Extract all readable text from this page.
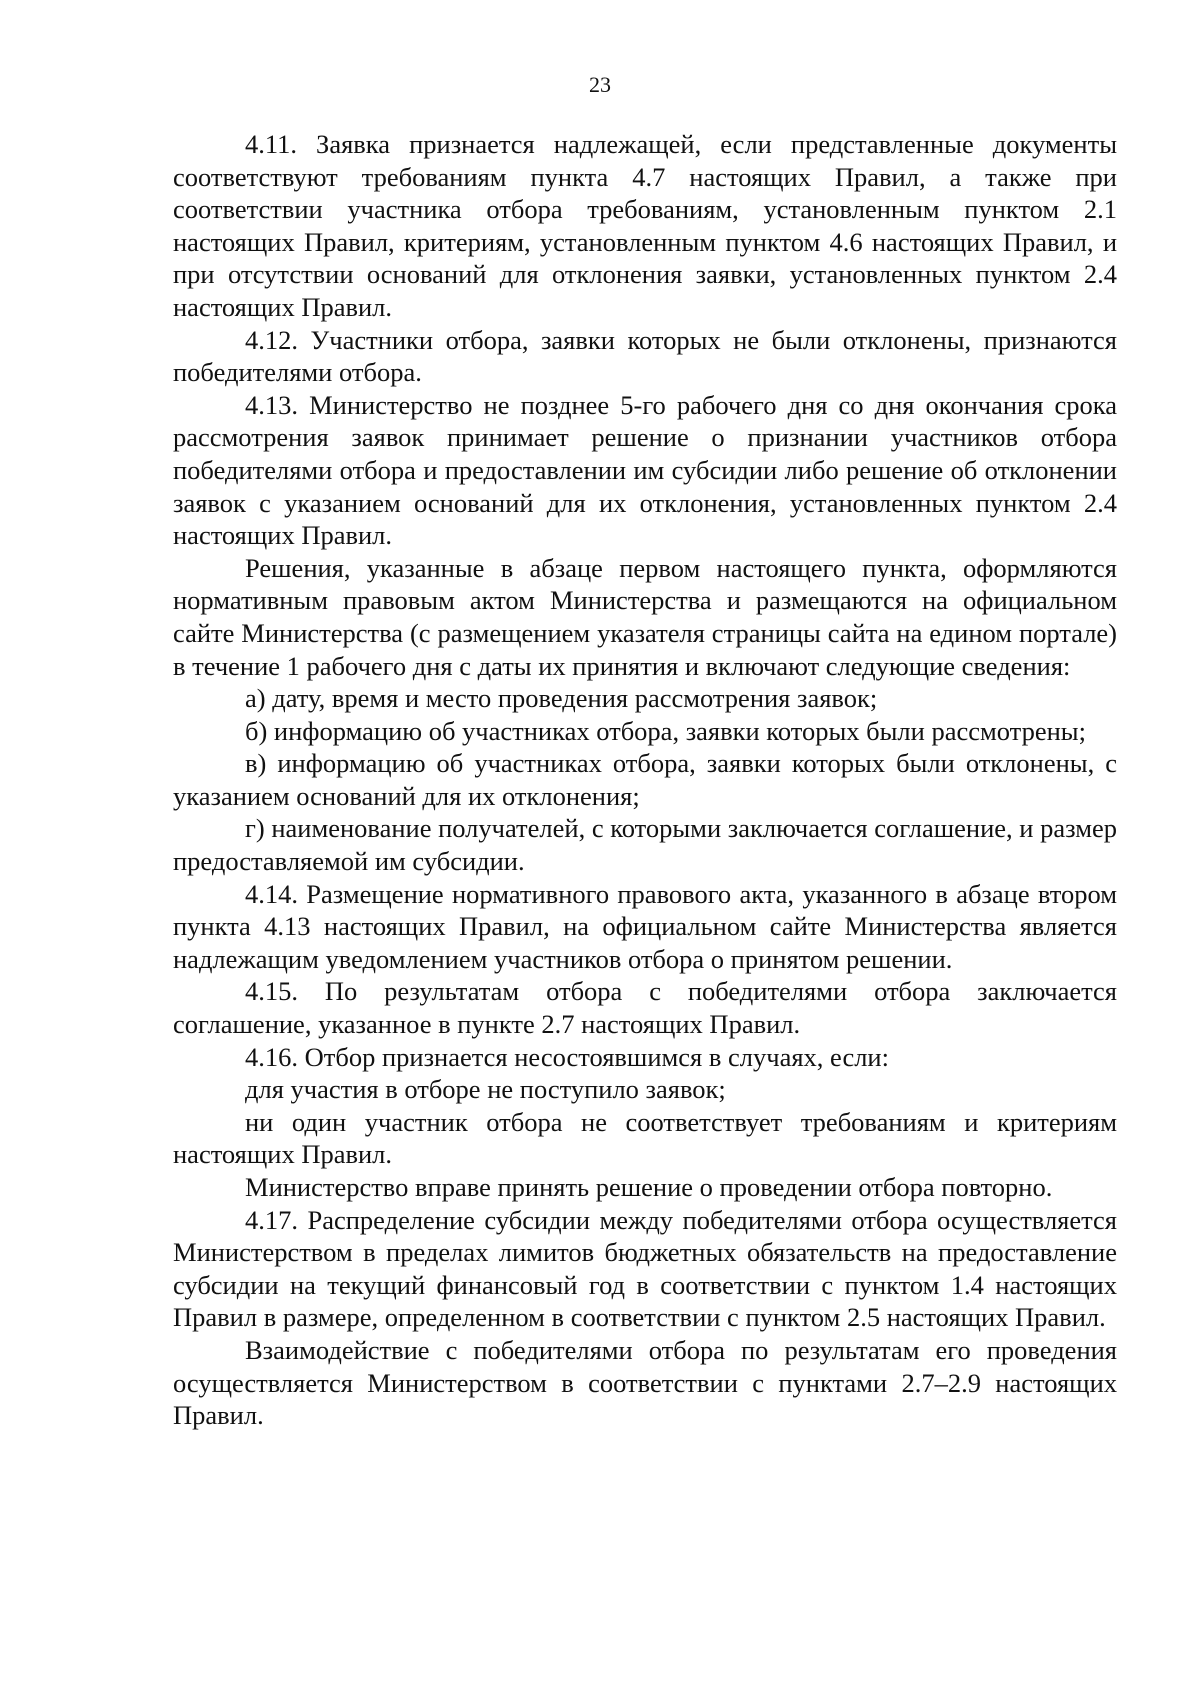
23

4.11. Заявка признается надлежащей, если представленные документы соответствуют требованиям пункта 4.7 настоящих Правил, а также при соответствии участника отбора требованиям, установленным пунктом 2.1 настоящих Правил, критериям, установленным пунктом 4.6 настоящих Правил, и при отсутствии оснований для отклонения заявки, установленных пунктом 2.4 настоящих Правил.

4.12. Участники отбора, заявки которых не были отклонены, признаются победителями отбора.

4.13. Министерство не позднее 5-го рабочего дня со дня окончания срока рассмотрения заявок принимает решение о признании участников отбора победителями отбора и предоставлении им субсидии либо решение об отклонении заявок с указанием оснований для их отклонения, установленных пунктом 2.4 настоящих Правил.

Решения, указанные в абзаце первом настоящего пункта, оформляются нормативным правовым актом Министерства и размещаются на официальном сайте Министерства (с размещением указателя страницы сайта на едином портале) в течение 1 рабочего дня с даты их принятия и включают следующие сведения:

а) дату, время и место проведения рассмотрения заявок;

б) информацию об участниках отбора, заявки которых были рассмотрены;

в) информацию об участниках отбора, заявки которых были отклонены, с указанием оснований для их отклонения;

г) наименование получателей, с которыми заключается соглашение, и размер предоставляемой им субсидии.

4.14. Размещение нормативного правового акта, указанного в абзаце втором пункта 4.13 настоящих Правил, на официальном сайте Министерства является надлежащим уведомлением участников отбора о принятом решении.

4.15. По результатам отбора с победителями отбора заключается соглашение, указанное в пункте 2.7 настоящих Правил.

4.16. Отбор признается несостоявшимся в случаях, если:

для участия в отборе не поступило заявок;

ни один участник отбора не соответствует требованиям и критериям настоящих Правил.

Министерство вправе принять решение о проведении отбора повторно.

4.17. Распределение субсидии между победителями отбора осуществляется Министерством в пределах лимитов бюджетных обязательств на предоставление субсидии на текущий финансовый год в соответствии с пунктом 1.4 настоящих Правил в размере, определенном в соответствии с пунктом 2.5 настоящих Правил.

Взаимодействие с победителями отбора по результатам его проведения осуществляется Министерством в соответствии с пунктами 2.7–2.9 настоящих Правил.
